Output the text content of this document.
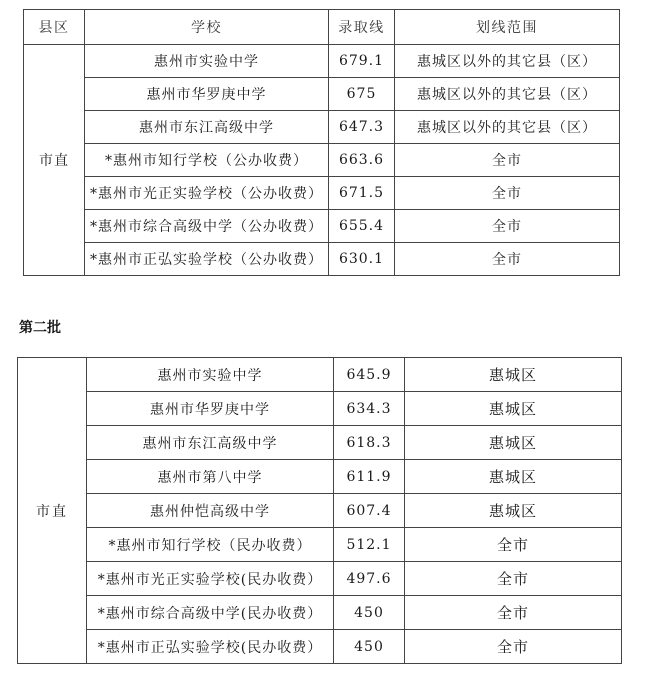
县区	学校	录取线	划线范围
市直	惠州市实验中学	679.1	惠城区以外的其它县（区）
	惠州市华罗庚中学	675	惠城区以外的其它县（区）
	惠州市东江高级中学	647.3	惠城区以外的其它县（区）
	*惠州市知行学校（公办收费）	663.6	全市
	*惠州市光正实验学校（公办收费）	671.5	全市
	*惠州市综合高级中学（公办收费）	655.4	全市
	*惠州市正弘实验学校（公办收费）	630.1	全市
第二批
市直	惠州市实验中学	645.9	惠城区
	惠州市华罗庚中学	634.3	惠城区
	惠州市东江高级中学	618.3	惠城区
	惠州市第八中学	611.9	惠城区
	惠州仲恺高级中学	607.4	惠城区
	*惠州市知行学校（民办收费）	512.1	全市
	*惠州市光正实验学校(民办收费）	497.6	全市
	*惠州市综合高级中学(民办收费）	450	全市
	*惠州市正弘实验学校(民办收费）	450	全市
